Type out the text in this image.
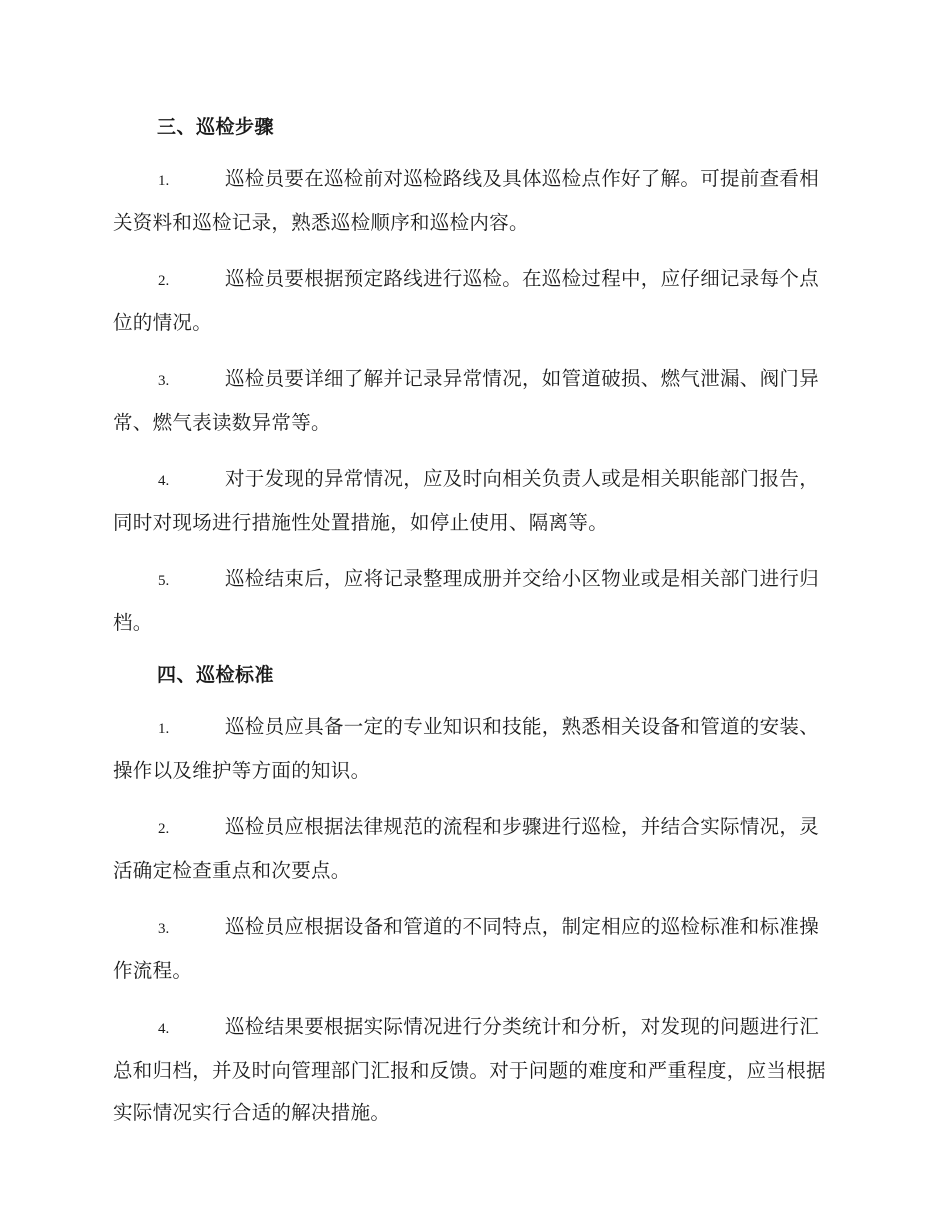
三、巡检步骤
1.	巡检员要在巡检前对巡检路线及具体巡检点作好了解。可提前查看相关资料和巡检记录，熟悉巡检顺序和巡检内容。
2.	巡检员要根据预定路线进行巡检。在巡检过程中，应仔细记录每个点位的情况。
3.	巡检员要详细了解并记录异常情况，如管道破损、燃气泄漏、阀门异常、燃气表读数异常等。
4.	对于发现的异常情况，应及时向相关负责人或是相关职能部门报告，同时对现场进行措施性处置措施，如停止使用、隔离等。
5.	巡检结束后，应将记录整理成册并交给小区物业或是相关部门进行归档。
四、巡检标准
1.	巡检员应具备一定的专业知识和技能，熟悉相关设备和管道的安装、操作以及维护等方面的知识。
2.	巡检员应根据法律规范的流程和步骤进行巡检，并结合实际情况，灵活确定检查重点和次要点。
3.	巡检员应根据设备和管道的不同特点，制定相应的巡检标准和标准操作流程。
4.	巡检结果要根据实际情况进行分类统计和分析，对发现的问题进行汇总和归档，并及时向管理部门汇报和反馈。对于问题的难度和严重程度，应当根据实际情况实行合适的解决措施。
